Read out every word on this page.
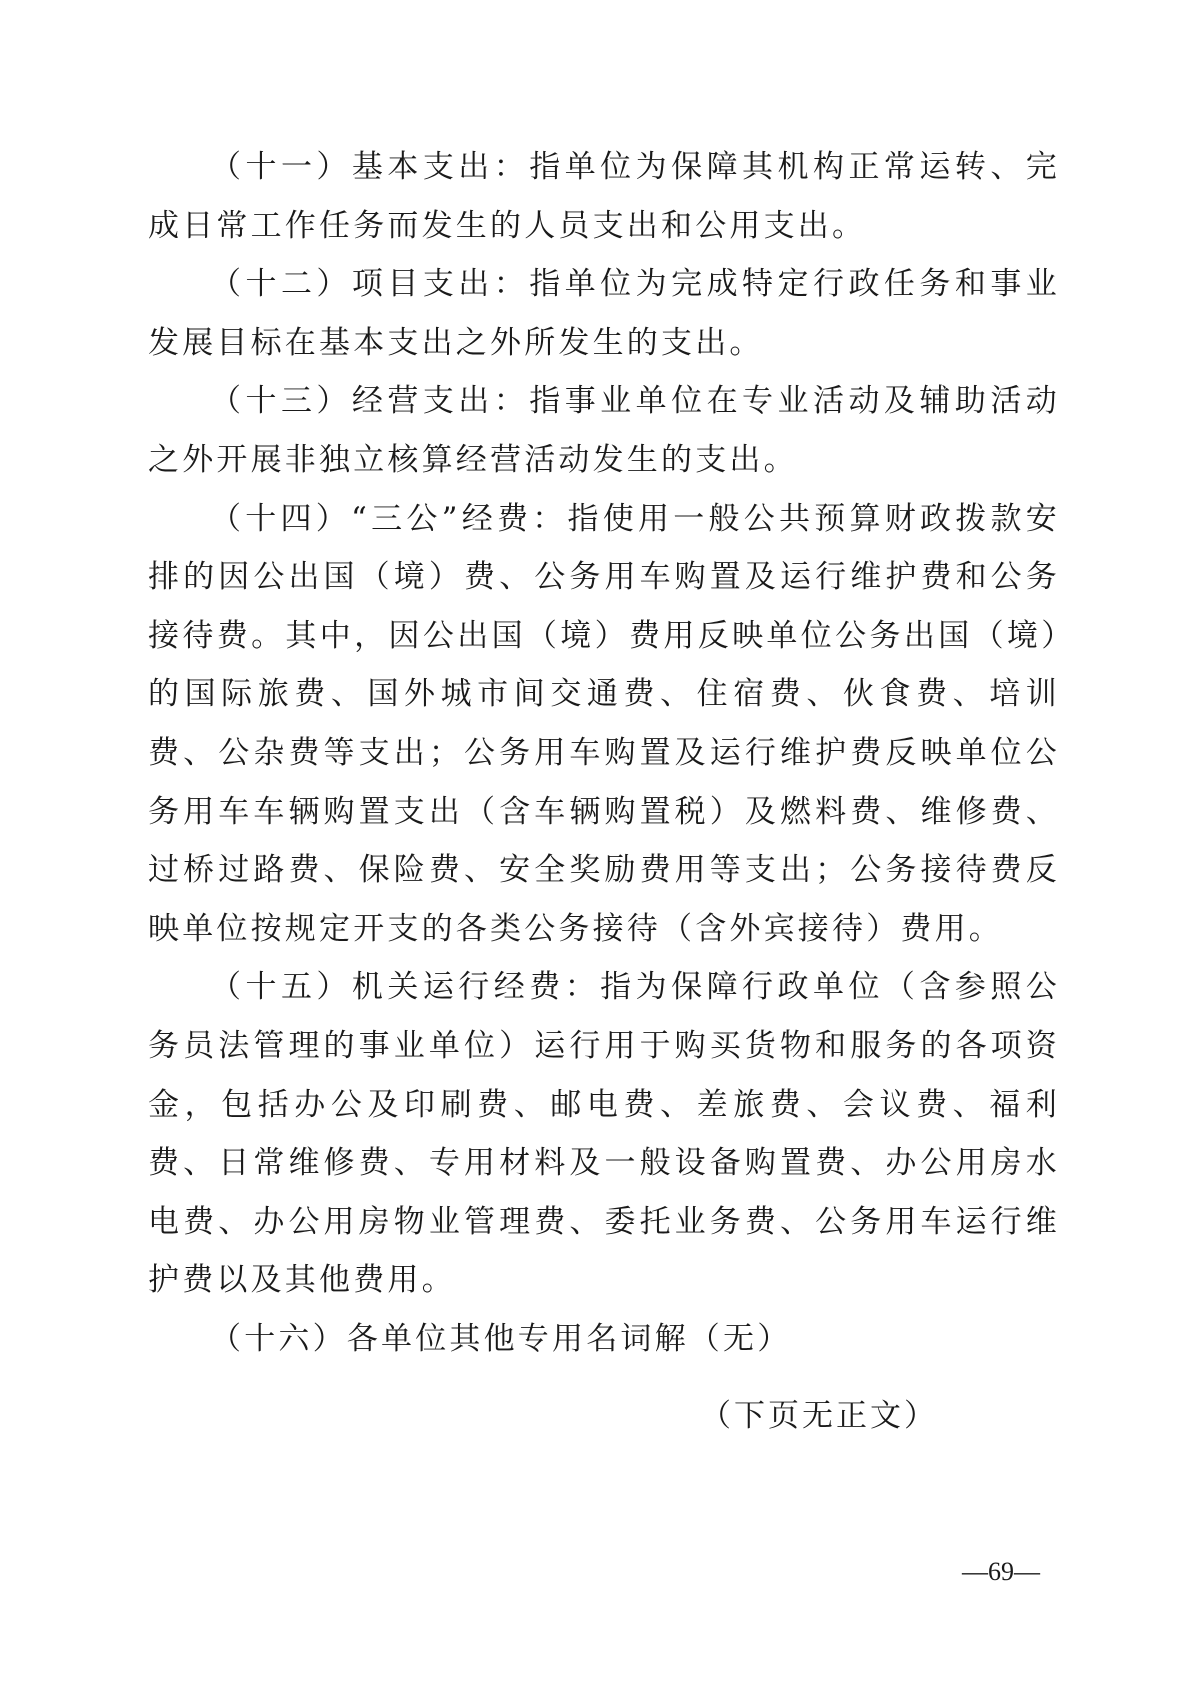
（十一）基本支出：指单位为保障其机构正常运转、完成日常工作任务而发生的人员支出和公用支出。

（十二）项目支出：指单位为完成特定行政任务和事业发展目标在基本支出之外所发生的支出。

（十三）经营支出：指事业单位在专业活动及辅助活动之外开展非独立核算经营活动发生的支出。

（十四）“三公”经费：指使用一般公共预算财政拨款安排的因公出国（境）费、公务用车购置及运行维护费和公务接待费。其中，因公出国（境）费用反映单位公务出国（境）的国际旅费、国外城市间交通费、住宿费、伙食费、培训费、公杂费等支出；公务用车购置及运行维护费反映单位公务用车车辆购置支出（含车辆购置税）及燃料费、维修费、过桥过路费、保险费、安全奖励费用等支出；公务接待费反映单位按规定开支的各类公务接待（含外宾接待）费用。

（十五）机关运行经费：指为保障行政单位（含参照公务员法管理的事业单位）运行用于购买货物和服务的各项资金，包括办公及印刷费、邮电费、差旅费、会议费、福利费、日常维修费、专用材料及一般设备购置费、办公用房水电费、办公用房物业管理费、委托业务费、公务用车运行维护费以及其他费用。

（十六）各单位其他专用名词解（无）

（下页无正文）
—69—
